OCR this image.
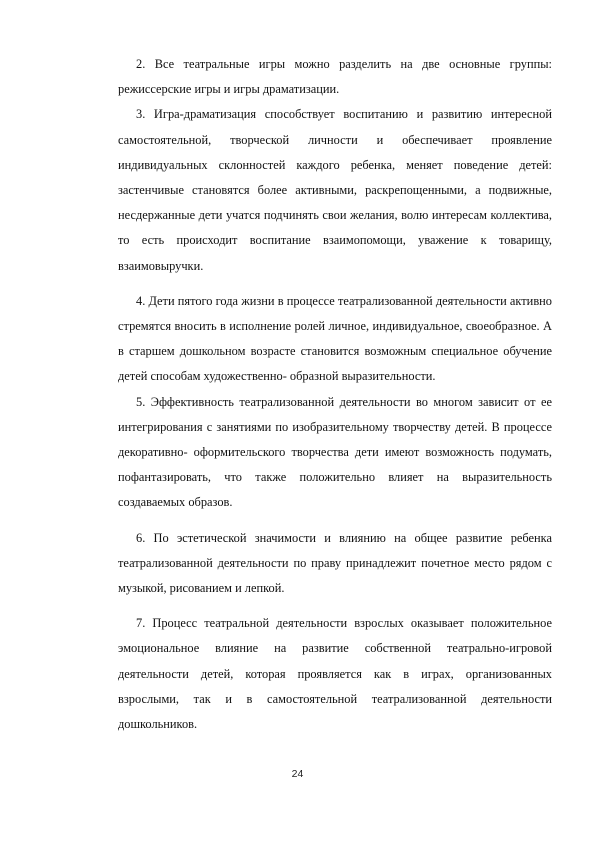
2. Все театральные игры можно разделить на две основные группы: режиссерские игры и игры драматизации.

3. Игра-драматизация способствует воспитанию и развитию интересной самостоятельной, творческой личности и обеспечивает проявление индивидуальных склонностей каждого ребенка, меняет поведение детей: застенчивые становятся более активными, раскрепощенными, а подвижные, несдержанные дети учатся подчинять свои желания, волю интересам коллектива, то есть происходит воспитание взаимопомощи, уважение к товарищу, взаимовыручки.

4. Дети пятого года жизни в процессе театрализованной деятельности активно стремятся вносить в исполнение ролей личное, индивидуальное, своеобразное. А в старшем дошкольном возрасте становится возможным специальное обучение детей способам художественно- образной выразительности.

5. Эффективность театрализованной деятельности во многом зависит от ее интегрирования с занятиями по изобразительному творчеству детей. В процессе декоративно- оформительского творчества дети имеют возможность подумать, пофантазировать, что также положительно влияет на выразительность создаваемых образов.

6. По эстетической значимости и влиянию на общее развитие ребенка театрализованной деятельности по праву принадлежит почетное место рядом с музыкой, рисованием и лепкой.

7. Процесс театральной деятельности взрослых оказывает положительное эмоциональное влияние на развитие собственной театрально-игровой деятельности детей, которая проявляется как в играх, организованных взрослыми, так и в самостоятельной театрализованной деятельности дошкольников.

24
